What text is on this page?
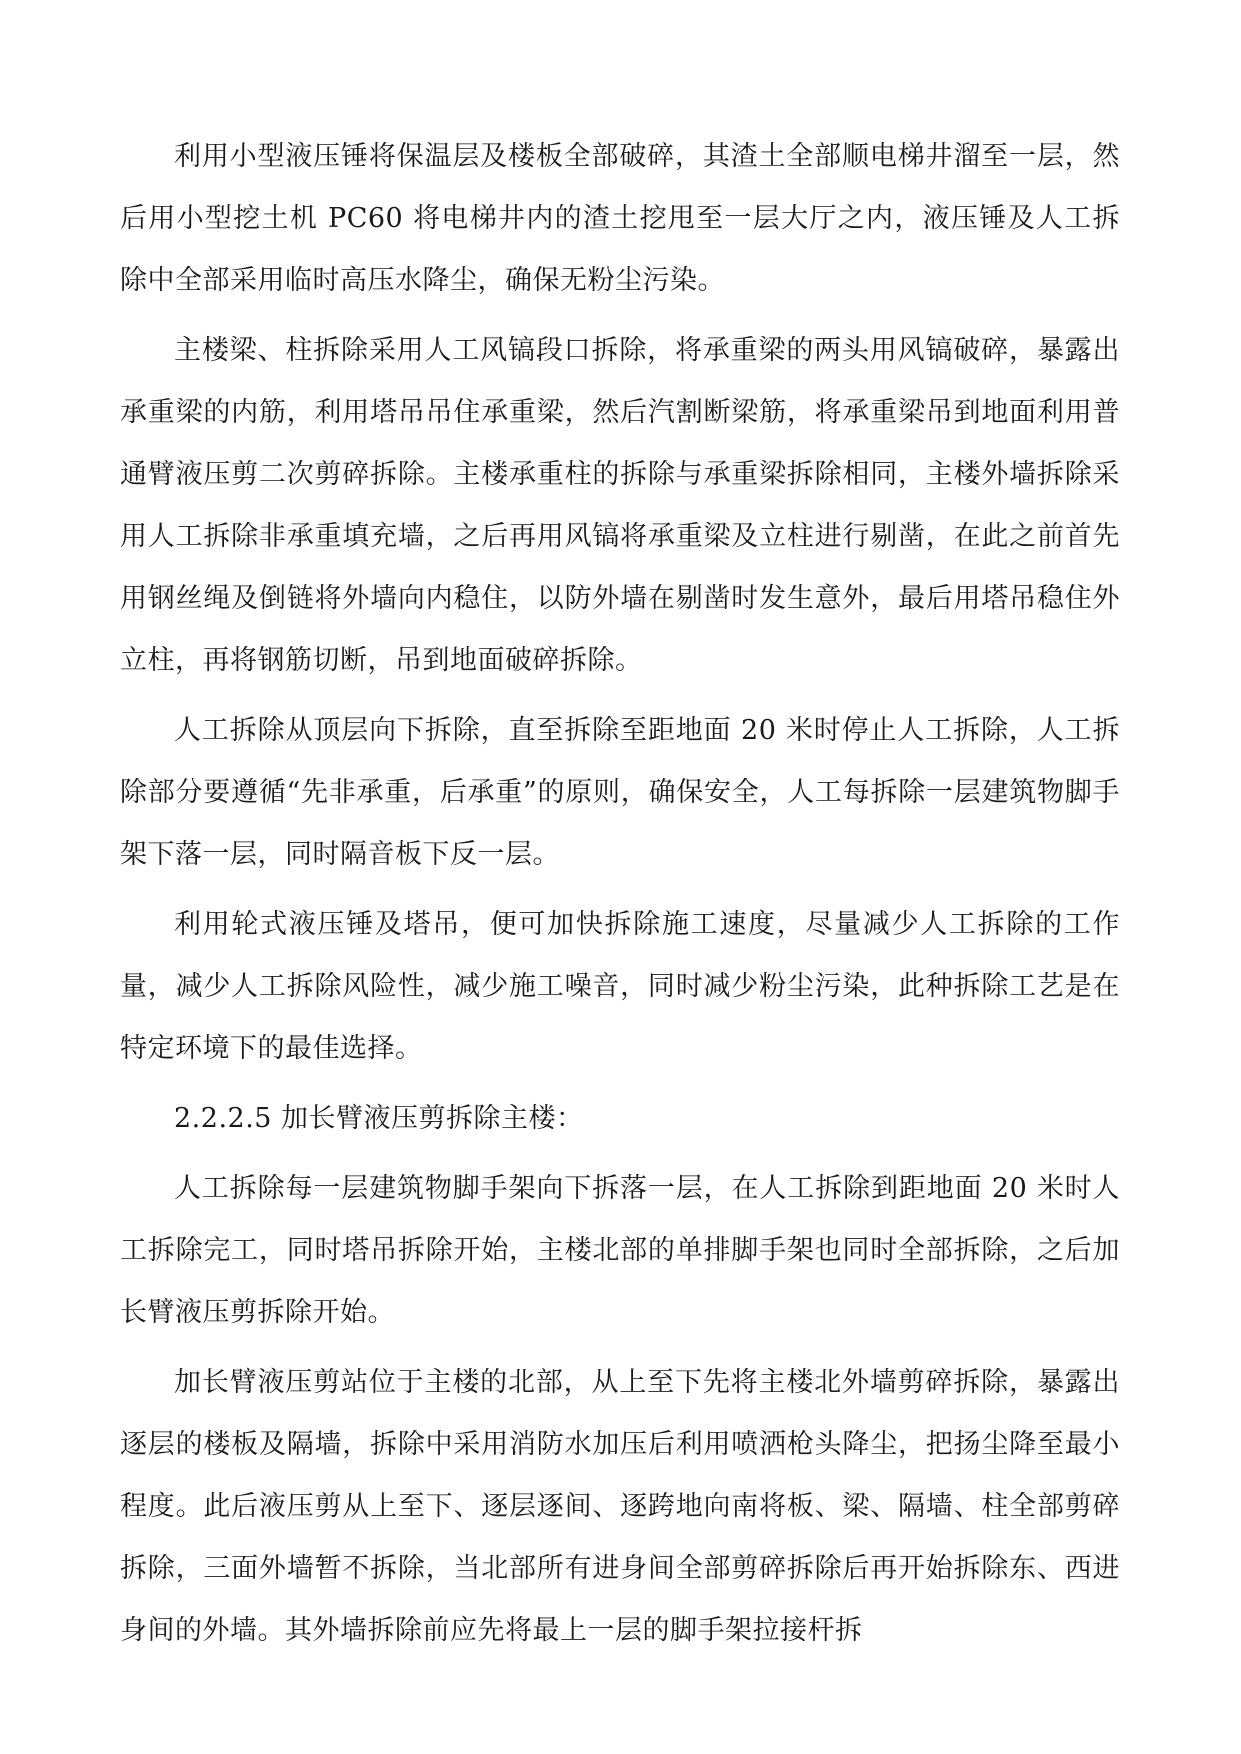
利用小型液压锤将保温层及楼板全部破碎，其渣土全部顺电梯井溜至一层，然后用小型挖土机 PC60 将电梯井内的渣土挖甩至一层大厅之内，液压锤及人工拆除中全部采用临时高压水降尘，确保无粉尘污染。

主楼梁、柱拆除采用人工风镐段口拆除，将承重梁的两头用风镐破碎，暴露出承重梁的内筋，利用塔吊吊住承重梁，然后汽割断梁筋，将承重梁吊到地面利用普通臂液压剪二次剪碎拆除。主楼承重柱的拆除与承重梁拆除相同，主楼外墙拆除采用人工拆除非承重填充墙，之后再用风镐将承重梁及立柱进行剔凿，在此之前首先用钢丝绳及倒链将外墙向内稳住，以防外墙在剔凿时发生意外，最后用塔吊稳住外立柱，再将钢筋切断，吊到地面破碎拆除。

人工拆除从顶层向下拆除，直至拆除至距地面 20 米时停止人工拆除，人工拆除部分要遵循“先非承重，后承重”的原则，确保安全，人工每拆除一层建筑物脚手架下落一层，同时隔音板下反一层。

利用轮式液压锤及塔吊，便可加快拆除施工速度，尽量减少人工拆除的工作量，减少人工拆除风险性，减少施工噪音，同时减少粉尘污染，此种拆除工艺是在特定环境下的最佳选择。

2.2.2.5 加长臂液压剪拆除主楼：

人工拆除每一层建筑物脚手架向下拆落一层，在人工拆除到距地面 20 米时人工拆除完工，同时塔吊拆除开始，主楼北部的单排脚手架也同时全部拆除，之后加长臂液压剪拆除开始。

加长臂液压剪站位于主楼的北部，从上至下先将主楼北外墙剪碎拆除，暴露出逐层的楼板及隔墙，拆除中采用消防水加压后利用喷洒枪头降尘，把扬尘降至最小程度。此后液压剪从上至下、逐层逐间、逐跨地向南将板、梁、隔墙、柱全部剪碎拆除，三面外墙暂不拆除，当北部所有进身间全部剪碎拆除后再开始拆除东、西进身间的外墙。其外墙拆除前应先将最上一层的脚手架拉接杆拆
